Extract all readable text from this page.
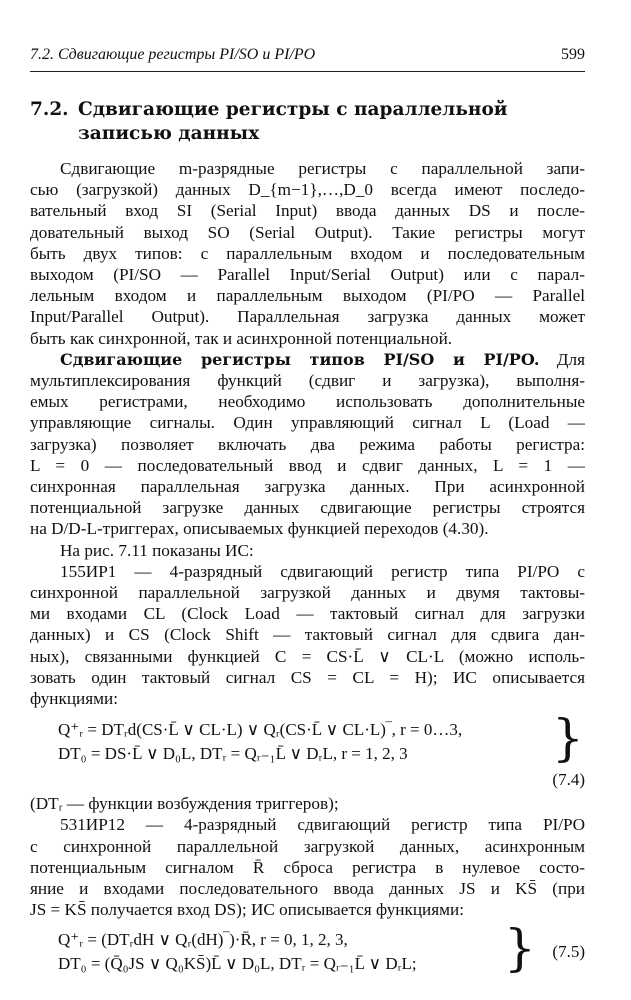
7.2. Сдвигающие регистры PI/SO и PI/PO	599
7.2. Сдвигающие регистры с параллельной
записью данных

Сдвигающие m-разрядные регистры с параллельной запи-
сью (загрузкой) данных D_{m−1},…,D_0 всегда имеют последо-
вательный вход SI (Serial Input) ввода данных DS и после-
довательный выход SO (Serial Output). Такие регистры могут
быть двух типов: с параллельным входом и последовательным
выходом (PI/SO — Parallel Input/Serial Output) или с парал-
лельным входом и параллельным выходом (PI/PO — Parallel
Input/Parallel Output). Параллельная загрузка данных может
быть как синхронной, так и асинхронной потенциальной.

Сдвигающие регистры типов PI/SO и PI/PO. Для
мультиплексирования функций (сдвиг и загрузка), выполня-
емых регистрами, необходимо использовать дополнительные
управляющие сигналы. Один управляющий сигнал L (Load —
загрузка) позволяет включать два режима работы регистра:
L = 0 — последовательный ввод и сдвиг данных, L = 1 —
синхронная параллельная загрузка данных. При асинхронной
потенциальной загрузке данных сдвигающие регистры строятся
на D/D-L-триггерах, описываемых функцией переходов (4.30).

На рис. 7.11 показаны ИС:

155ИР1 — 4-разрядный сдвигающий регистр типа PI/PO с
синхронной параллельной загрузкой данных и двумя тактовы-
ми входами CL (Clock Load — тактовый сигнал для загрузки
данных) и CS (Clock Shift — тактовый сигнал для сдвига дан-
ных), связанными функцией C = CS·L̄ ∨ CL·L (можно исполь-
зовать один тактовый сигнал CS = CL = H); ИС описывается
функциями:

Q⁺ᵣ = DTᵣd(CS·L̄ ∨ CL·L) ∨ Qᵣ(CS·L̄ ∨ CL·L)‾, r = 0…3,
DT₀ = DS·L̄ ∨ D₀L, DTᵣ = Qᵣ₋₁L̄ ∨ DᵣL, r = 1, 2, 3	}
(7.4)

(DTᵣ — функции возбуждения триггеров);

531ИР12 — 4-разрядный сдвигающий регистр типа PI/PO
с синхронной параллельной загрузкой данных, асинхронным
потенциальным сигналом R̄ сброса регистра в нулевое состо-
яние и входами последовательного ввода данных JS и KS̄ (при
JS = KS̄ получается вход DS); ИС описывается функциями:

Q⁺ᵣ = (DTᵣdH ∨ Qᵣ(dH)‾)·R̄, r = 0, 1, 2, 3,
DT₀ = (Q̄₀JS ∨ Q₀KS̄)L̄ ∨ D₀L, DTᵣ = Qᵣ₋₁L̄ ∨ DᵣL; } (7.5)
